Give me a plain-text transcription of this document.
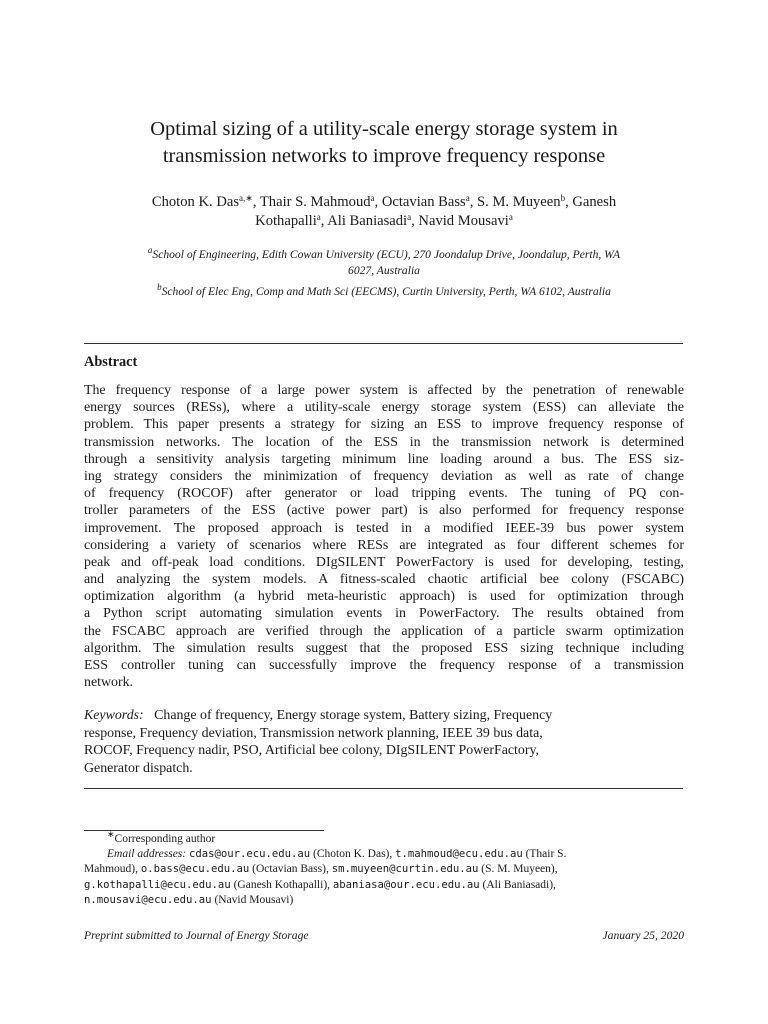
Optimal sizing of a utility-scale energy storage system in
transmission networks to improve frequency response
Choton K. Das$^{a,∗}$, Thair S. Mahmoud$^a$, Octavian Bass$^a$, S. M. Muyeen$^b$, Ganesh
Kothapalli$^a$, Ali Baniasadi$^a$, Navid Mousavi$^a$
$^a$School of Engineering, Edith Cowan University (ECU), 270 Joondalup Drive, Joondalup, Perth, WA
6027, Australia
$^b$School of Elec Eng, Comp and Math Sci (EECMS), Curtin University, Perth, WA 6102, Australia
Abstract
The frequency response of a large power system is affected by the penetration of renewable
energy sources (RESs), where a utility-scale energy storage system (ESS) can alleviate the
problem. This paper presents a strategy for sizing an ESS to improve frequency response of
transmission networks. The location of the ESS in the transmission network is determined
through a sensitivity analysis targeting minimum line loading around a bus. The ESS siz-
ing strategy considers the minimization of frequency deviation as well as rate of change
of frequency (ROCOF) after generator or load tripping events. The tuning of PQ con-
troller parameters of the ESS (active power part) is also performed for frequency response
improvement. The proposed approach is tested in a modified IEEE-39 bus power system
considering a variety of scenarios where RESs are integrated as four different schemes for
peak and off-peak load conditions. DIgSILENT PowerFactory is used for developing, testing,
and analyzing the system models. A fitness-scaled chaotic artificial bee colony (FSCABC)
optimization algorithm (a hybrid meta-heuristic approach) is used for optimization through
a Python script automating simulation events in PowerFactory. The results obtained from
the FSCABC approach are verified through the application of a particle swarm optimization
algorithm. The simulation results suggest that the proposed ESS sizing technique including
ESS controller tuning can successfully improve the frequency response of a transmission
network.
Keywords: Change of frequency, Energy storage system, Battery sizing, Frequency
response, Frequency deviation, Transmission network planning, IEEE 39 bus data,
ROCOF, Frequency nadir, PSO, Artificial bee colony, DIgSILENT PowerFactory,
Generator dispatch.
∗Corresponding author
Email addresses: cdas@our.ecu.edu.au (Choton K. Das), t.mahmoud@ecu.edu.au (Thair S.
Mahmoud), o.bass@ecu.edu.au (Octavian Bass), sm.muyeen@curtin.edu.au (S. M. Muyeen),
g.kothapalli@ecu.edu.au (Ganesh Kothapalli), abaniasa@our.ecu.edu.au (Ali Baniasadi),
n.mousavi@ecu.edu.au (Navid Mousavi)
Preprint submitted to Journal of Energy Storage	January 25, 2020
